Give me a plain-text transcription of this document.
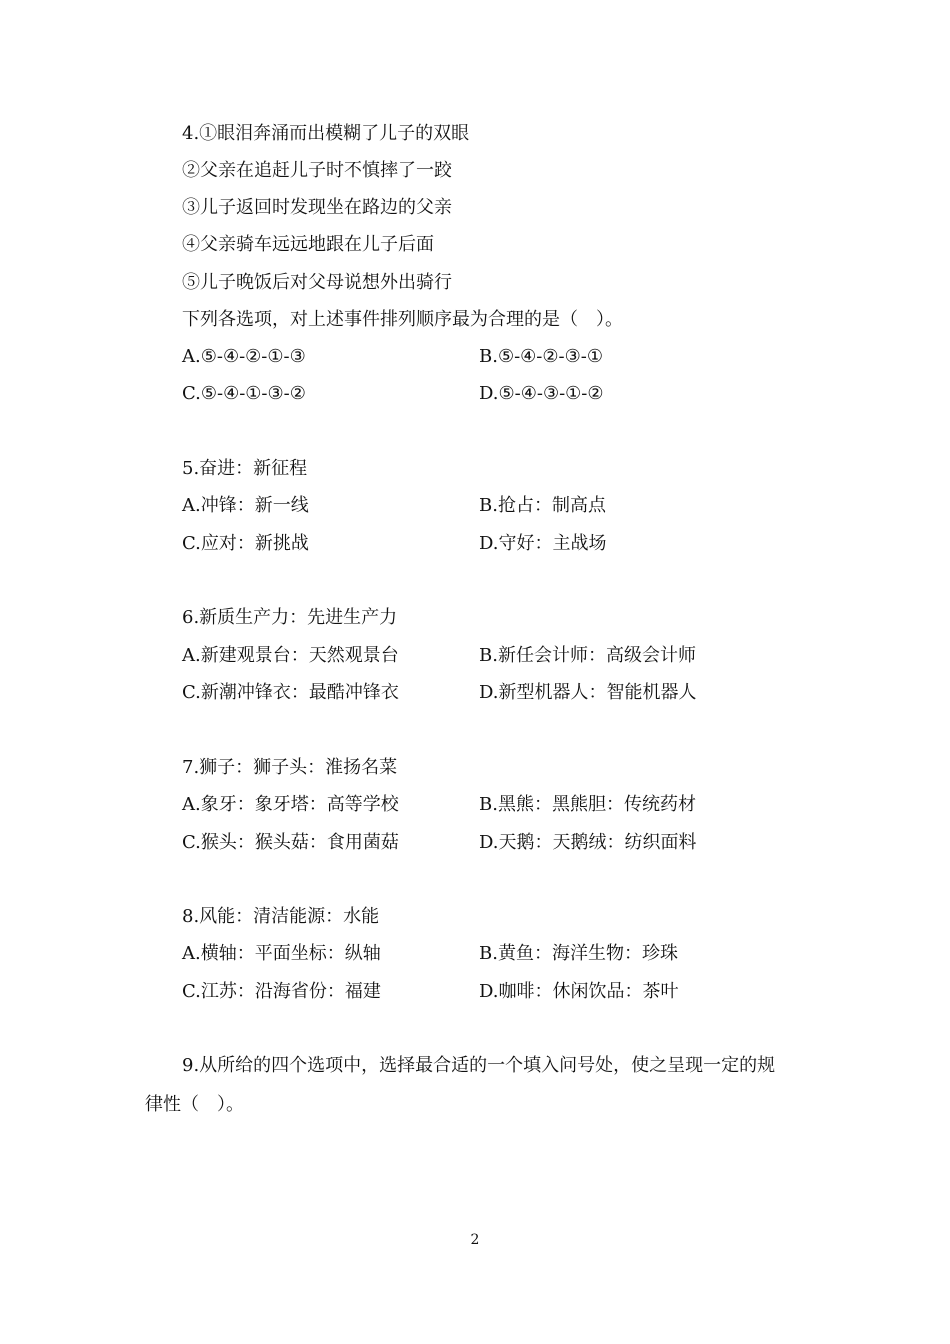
4.①眼泪奔涌而出模糊了儿子的双眼
②父亲在追赶儿子时不慎摔了一跤
③儿子返回时发现坐在路边的父亲
④父亲骑车远远地跟在儿子后面
⑤儿子晚饭后对父母说想外出骑行
下列各选项，对上述事件排列顺序最为合理的是（　）。
A.⑤-④-②-①-③	B.⑤-④-②-③-①
C.⑤-④-①-③-②	D.⑤-④-③-①-②
5.奋进：新征程
A.冲锋：新一线	B.抢占：制高点
C.应对：新挑战	D.守好：主战场
6.新质生产力：先进生产力
A.新建观景台：天然观景台	B.新任会计师：高级会计师
C.新潮冲锋衣：最酷冲锋衣	D.新型机器人：智能机器人
7.狮子：狮子头：淮扬名菜
A.象牙：象牙塔：高等学校	B.黑熊：黑熊胆：传统药材
C.猴头：猴头菇：食用菌菇	D.天鹅：天鹅绒：纺织面料
8.风能：清洁能源：水能
A.横轴：平面坐标：纵轴	B.黄鱼：海洋生物：珍珠
C.江苏：沿海省份：福建	D.咖啡：休闲饮品：茶叶
9.从所给的四个选项中，选择最合适的一个填入问号处，使之呈现一定的规
律性（　）。
2
